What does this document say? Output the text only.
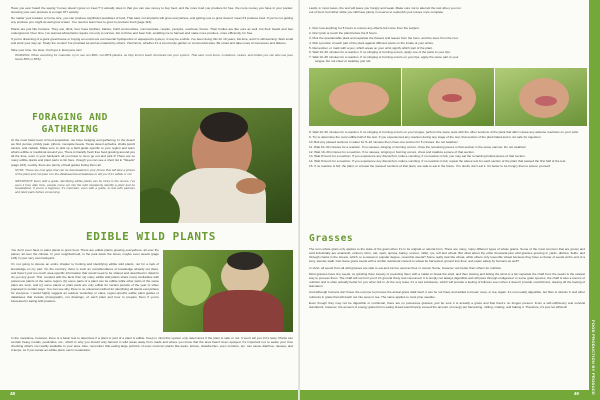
Have you ever heard the saying "money doesn't grow on trees"? It actually does in that you can use money to buy food, and the more food you produce for free, the more money you have in your pocket. Growing your own produce is a major DIY activity.

No matter your location or home size, you can produce significant quantities of food. That said, not all plants will grow everywhere, and getting one to grow doesn't mean it'll produce food. If you're not getting any produce you might as well grow a lawn. You need to learn how to grow to produce food (page 113).

Plants are just like humans. They eat, drink, feel, have families, babies, build communities, communicate, respire, perspire, overheat, freeze. Their bodies are like ours as well, but their heads and feet underground. Over time, I've learned what plants require not only to survive, but to thrive and bear fruit, enabling me to harvest and make more produce, more efficiently, for free.

If you're dreaming of a giant greenhouse or buying an enormous commercial hydroponics or aquaponics system, it may be a while. I've been doing this for 10 years, full-time, and I'm still learning. Start small and work your way up. Study the content I've provided as well as material by others. Visit farms, whether it's a community garden or commercial sites. Be smart and take notes of successes and failures.

Take your time. Go slow. You'll get it. Everyone can!

WARNING: When searching for materials, try to use non-BPA, non-BPS plastics, as they tend to leach chemicals into your system. That said, most items, containers, straws, and bottles you can also use (see below BPA or BPS).
FORAGING AND GATHERING

At the most basic level of food acquisition, we have foraging and gathering. In the desert we find yuccas, prickly pear, piñons, mesquite beans. Texas desert ephedra, cholla pencil cactus, and cattails. Make sure to pick up a field guide specific to your region and learn what's edible or medicinal around you. There is literally fresh free food growing around you all the time, even in your backyard, all you have to do is go out and pick it! There are so many edible plants and plant parts to list here, though you can see a short list in "Weeds" (page 103). Luckily, there are plenty of field guides listing them all.

NOTE: These are now apps that can be downloaded to your phone that will take a picture of the plant and compare it to the database/visual database to tell you if it's edible or not.
IMPORTANT: Even with a guide, identifying edible plants can be tricky to the novice. I've seen it time after time, people come out into the wild mistakenly identify a plant and be hospitalized. If you're a beginner, it's important, even with a guide, to test with partners and plant parts before consuming.
EDIBLE WILD PLANTS

You don't even have to plant plants to grow food. There are edible plants growing everywhere: all over the planet, all over the climate. In your neighborhood, in the park down the street, maybe even weeds (page 103) in your very own backyard.

I'm not going to devote an entire chapter to hunting and identifying edible wild plants, not for a lack of knowledge on my part. On the contrary, there is such an overabundance of knowledge already out there, and there's just too much area-specific information that would need to be shared and described in detail to do you any good. This, coupled with the facts that: (a) many edible wild plants share many similarities with poisonous plants of the same region, (b) some parts of a plant can be edible while other parts of the same plant are toxic, and (c) some plants or plant parts are only edible for certain periods of the year or when prepared in certain ways. You can see why there is no universal method for identifying all plants everywhere for everyone. I would highly suggest an outdoor workshop or class, region-specific edible plant guides or databases that include photographs, not drawings, of each plant and how to prepare them if you're interested in eating wild produce.

In the meantime, however, there is a basic test to determine if a plant or part of a plant is edible. Keep in mind this system only determines if the plant is safe or not. It won't tell you if it's tasty. Plants can contain heavy metals, pesticides, etc., which is why you should only harvest in wild areas away from roads and where you know that the area hasn't been sprayed. It's important not to waste your time checking what's not readily available in your area. Also, remember that eating large portions of even common plants like leeks, lettuce, strawberries, even currants, etc. can cause diarrhea, nausea, and cramps, so if you locate an edible plant, eat in moderation.
48
Lastly, in most cases, the test will leave you hungry and weak. Make sure not to attempt the test when you run out of food, but rather while you still have plenty in reserve to replenish your losses once complete.
1. Don't eat anything for 8 hours to ensure any effects felt come from the subject.
2. Don't pick or touch the plant before the 8 hours.
3. Pick the questionable plant and separate the flowers and leaves from the stem, and the stem from the root.
4. Rub a portion of each part of the plant against different spots on the inside of your wrists.
5. Remember, or mark with a pen, which areas on your wrist signify which part of the plant.
6. Wait 10–30 minutes for a reaction. If no stinging or burning occurs, apply one of the parts to your lips.
7. Wait 10–30 minutes for a reaction. If no stinging or burning occurs on your lips, apply the same part to your tongue. Do not chew or swallow, just rub.
8. Wait 10–30 minutes for a reaction. If no stinging or burning occurs on your tongue, perform the same tests with the other sections of the plant that didn't cause any adverse reactions on your wrist.
9. Try to determine the most edible half of the test. If you experienced any reaction during any stage of the test, that section of the plant failed and is not safe for ingestion.
10. Boil any passed sections in water for 5–10 minutes then chew one section for 5 minutes. Do not swallow!
11. Wait 10–30 minutes for a reaction. If no nausea, stinging or burning occurs, chew the remaining pieces in that section in the same manner. Do not swallow!
12. Wait 10–30 minutes for a reaction. If no nausea, stinging or burning occurs, chew and swallow a piece of that section.
13. Wait 8 hours for a reaction. If you experience any discomfort, induce vomiting. If no reaction is felt, you may eat the remaining boiled pieces of that section.
14. Wait 8 hours for a reaction. If you experience any discomfort, induce vomiting. If no reaction is felt, repeat the above test for each section of the plant that passed the first half of the test.
15. If no reaction is felt, the plant, or at least the 'passed' sections of that plant, are safe to eat in the future. If in doubt, don't eat it. It's better to be hungry than to poison yourself.
Grasses

The term whole grain only applies to the state of the grain when it's in its original or natural form. There are many, many different types of whole grains. Some of the most common that are grown and sold industrially are amaranth, einkorn, farro, oat, spelt, quinoa, barley, emmer, millet, rye, teff and wheat. But what about the other thousand-plus wild grasses growing in yards, ditches, fields, and through cracks in the streets, which, to a casual or popular degree, resemble weeds? Some really look like wheat, while others only resemble wheat because they have a cluster of seeds at the end of a long, slender stalk. Can these grass seeds with a similar nutritional content to wheat be harvested, ground into flour, and eaten safely by humans as well?

In short, all seeds from all wild grasses are safe to eat and can be used as flour or cereal. Some, however, are better than others for nutrition.

Most grasses have tiny seeds, so grinding them loosely or pounding them with a mallet to break the shell, and then tossing and letting the wind or a fan separate the chaff from the seeds is the easiest way to process them. The chaff will not hurt you if it's ground finely and consumed. It is simply not always digestible and will pass through undigested. In some grain species, the chaff is also a source of nutrition and is often actually better for you when left in. At the very least, it's a tool substance, which will provide a feeling of fullness even when it doesn't provide nourishment, staving off the feeling of starvation.

And although humans don't have the enzyme to process the actual grass stalk itself, it can be not finely and added to bread, soup, or tea. Again, it's not usually digestible, but fiber is vitamin C and other nutrients in grass that will leach out into soup or tea. The same applies to most pine needles.

Even though they may not be digestible or nutritional, there are no poisonous grasses, just be sure it is actually a grass and that there's no fungus present. From a self-sufficiency and survival standpoint, however, the amount of energy gained from eating bread would barely exceed the amount of energy put harvesting, milling, making, and baking it. Therefore, it's just not efficient!

FOOD PRODUCTION BY PRODUCE
49
